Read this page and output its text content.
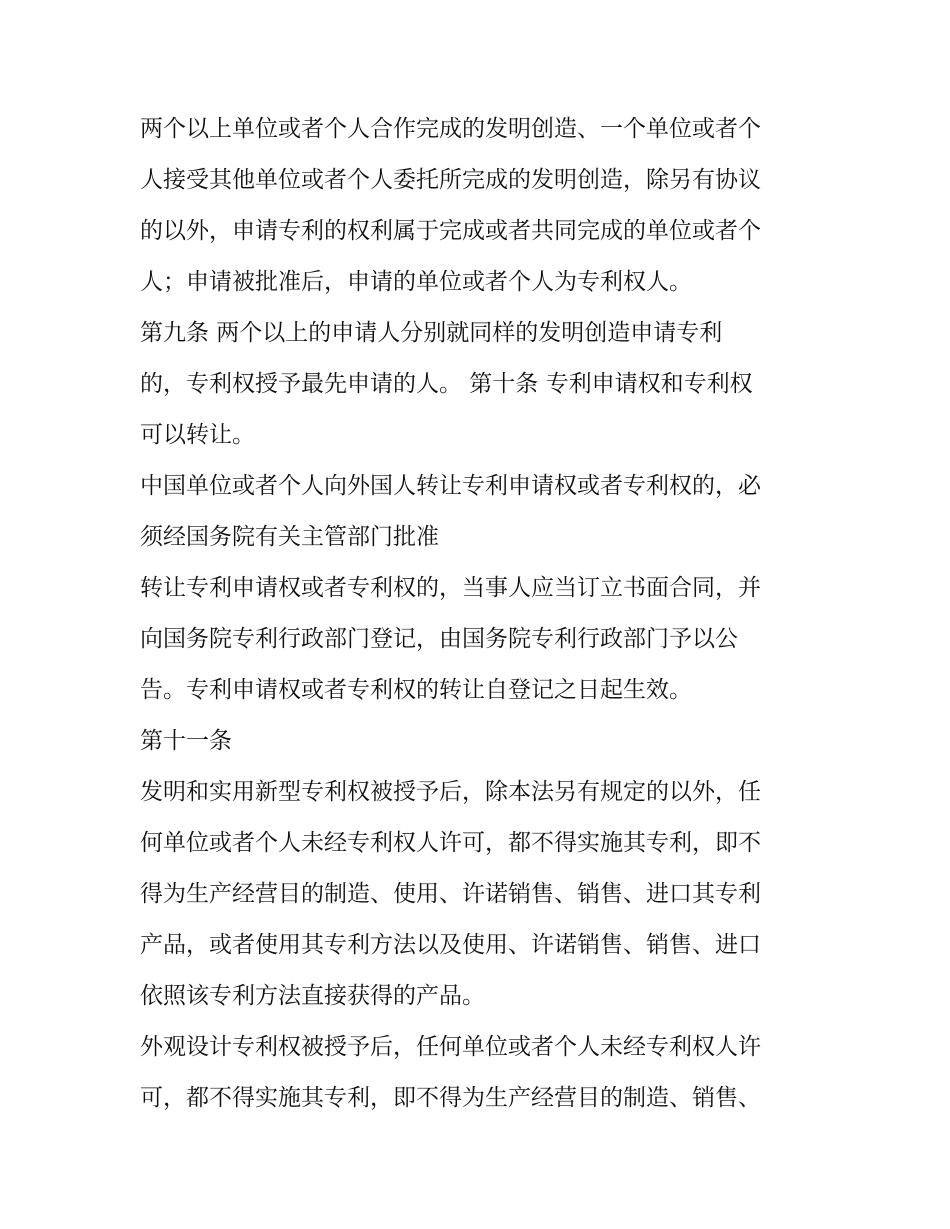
两个以上单位或者个人合作完成的发明创造、一个单位或者个
人接受其他单位或者个人委托所完成的发明创造，除另有协议
的以外，申请专利的权利属于完成或者共同完成的单位或者个
人；申请被批准后，申请的单位或者个人为专利权人。
第九条 两个以上的申请人分别就同样的发明创造申请专利
的，专利权授予最先申请的人。 第十条 专利申请权和专利权
可以转让。
中国单位或者个人向外国人转让专利申请权或者专利权的，必
须经国务院有关主管部门批准
转让专利申请权或者专利权的，当事人应当订立书面合同，并
向国务院专利行政部门登记，由国务院专利行政部门予以公
告。专利申请权或者专利权的转让自登记之日起生效。
第十一条
发明和实用新型专利权被授予后，除本法另有规定的以外，任
何单位或者个人未经专利权人许可，都不得实施其专利，即不
得为生产经营目的制造、使用、许诺销售、销售、进口其专利
产品，或者使用其专利方法以及使用、许诺销售、销售、进口
依照该专利方法直接获得的产品。
外观设计专利权被授予后，任何单位或者个人未经专利权人许
可，都不得实施其专利，即不得为生产经营目的制造、销售、
